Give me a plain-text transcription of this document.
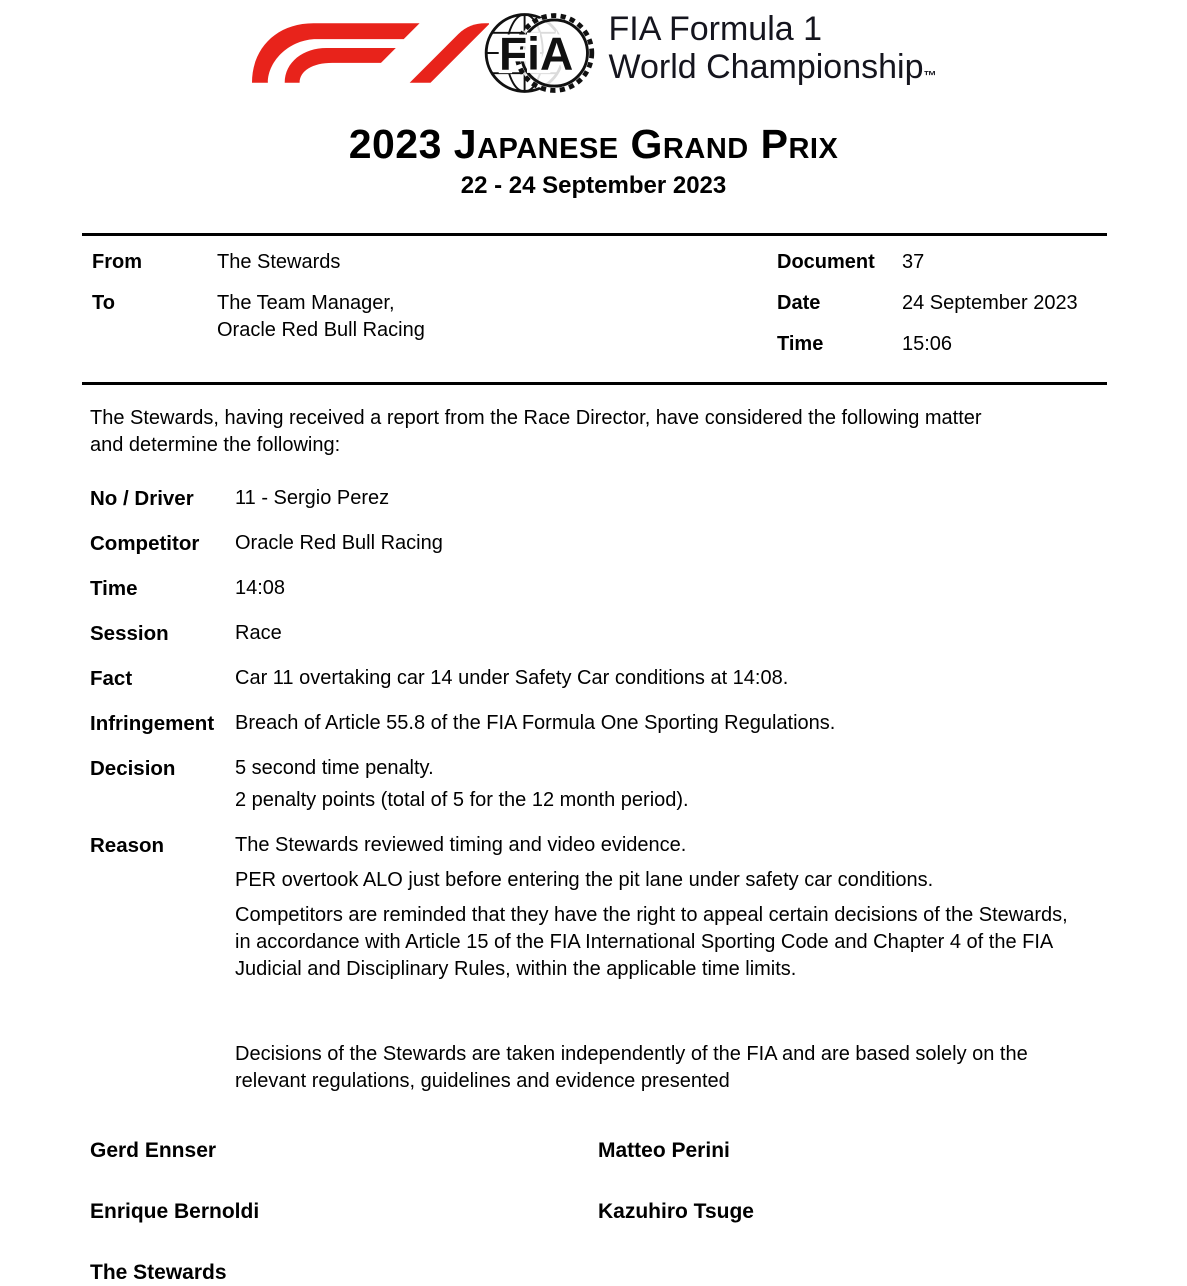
FiA FIA Formula 1
World Championship™
2023 Japanese Grand Prix
22 - 24 September 2023
From	The Stewards
To	The Team Manager,
Oracle Red Bull Racing
Document	37
Date	24 September 2023
Time	15:06

The Stewards, having received a report from the Race Director, have considered the following matter and determine the following:

No / Driver	11 - Sergio Perez

Competitor	Oracle Red Bull Racing

Time	14:08

Session	Race

Fact	Car 11 overtaking car 14 under Safety Car conditions at 14:08.

Infringement	Breach of Article 55.8 of the FIA Formula One Sporting Regulations.

Decision	5 second time penalty.

2 penalty points (total of 5 for the 12 month period).

Reason	The Stewards reviewed timing and video evidence.

PER overtook ALO just before entering the pit lane under safety car conditions.

Competitors are reminded that they have the right to appeal certain decisions of the Stewards, in accordance with Article 15 of the FIA International Sporting Code and Chapter 4 of the FIA Judicial and Disciplinary Rules, within the applicable time limits.

Decisions of the Stewards are taken independently of the FIA and are based solely on the relevant regulations, guidelines and evidence presented

Gerd Ennser	Matteo Perini
Enrique Bernoldi	Kazuhiro Tsuge
The Stewards
